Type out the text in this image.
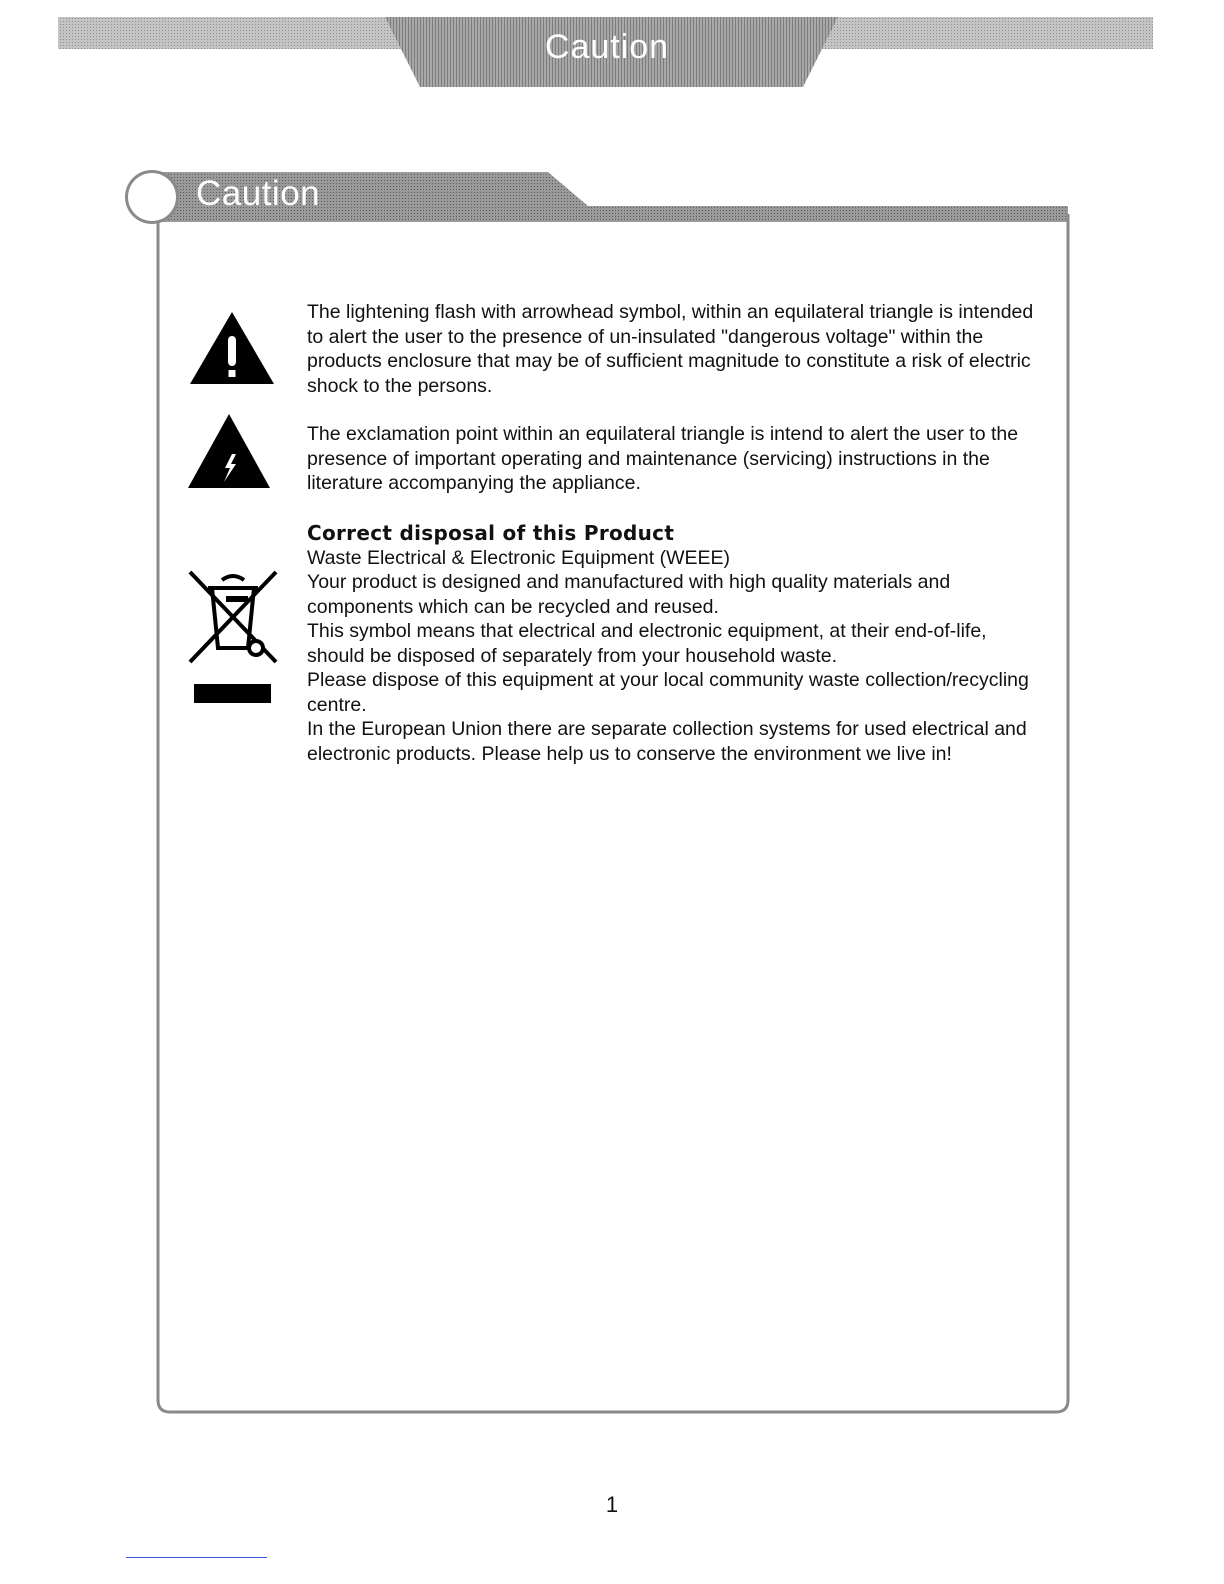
Caution
Caution

The lightening flash with arrowhead symbol, within an equilateral triangle is intended to alert the user to the presence of un-insulated "dangerous voltage" within the products enclosure that may be of sufficient magnitude to constitute a risk of electric shock to the persons.

The exclamation point within an equilateral triangle is intend to alert the user to the presence of important operating and maintenance (servicing) instructions in the literature accompanying the appliance.

Correct disposal of this Product

Waste Electrical & Electronic Equipment (WEEE)

Your product is designed and manufactured with high quality materials and components which can be recycled and reused.

This symbol means that electrical and electronic equipment, at their end-of-life, should be disposed of separately from your household waste.

Please dispose of this equipment at your local community waste collection/recycling centre.

In the European Union there are separate collection systems for used electrical and electronic products. Please help us to conserve the environment we live in!

1
